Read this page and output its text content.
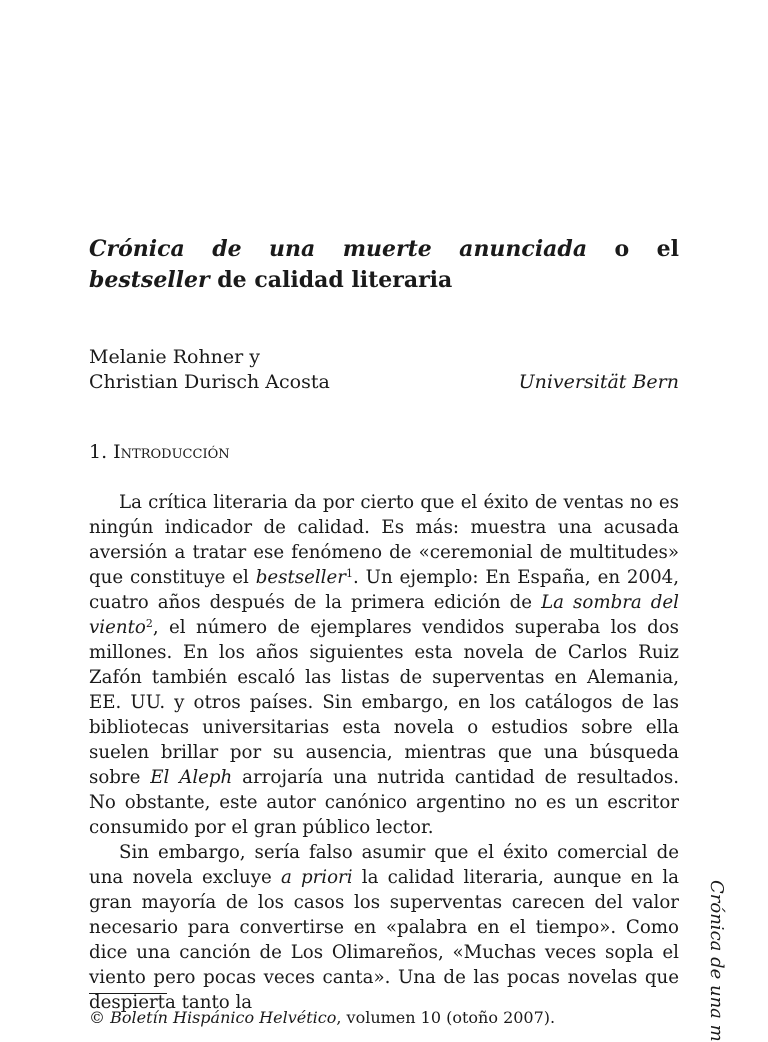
Crónica de una muerte anunciada o el bestseller de calidad literaria
Melanie Rohner y
Christian Durisch Acosta	Universität Bern
1. Introducción

La crítica literaria da por cierto que el éxito de ventas no es ningún indicador de calidad. Es más: muestra una acusada aversión a tratar ese fenómeno de «ceremonial de multitudes» que constituye el bestseller$^1$. Un ejemplo: En España, en 2004, cuatro años después de la primera edición de La sombra del viento$^2$, el número de ejemplares vendidos superaba los dos millones. En los años siguientes esta novela de Carlos Ruiz Zafón también escaló las listas de superventas en Alemania, EE. UU. y otros países. Sin embargo, en los catálogos de las bibliotecas universitarias esta novela o estudios sobre ella suelen brillar por su ausencia, mientras que una búsqueda sobre El Aleph arrojaría una nutrida cantidad de resultados. No obstante, este autor canónico argentino no es un escritor consumido por el gran público lector.

Sin embargo, sería falso asumir que el éxito comercial de una novela excluye a priori la calidad literaria, aunque en la gran mayoría de los casos los superventas carecen del valor necesario para convertirse en «palabra en el tiempo». Como dice una canción de Los Olimareños, «Muchas veces sopla el viento pero pocas veces canta». Una de las pocas novelas que despierta tanto la

© Boletín Hispánico Helvético, volumen 10 (otoño 2007).	Crónica de una m
